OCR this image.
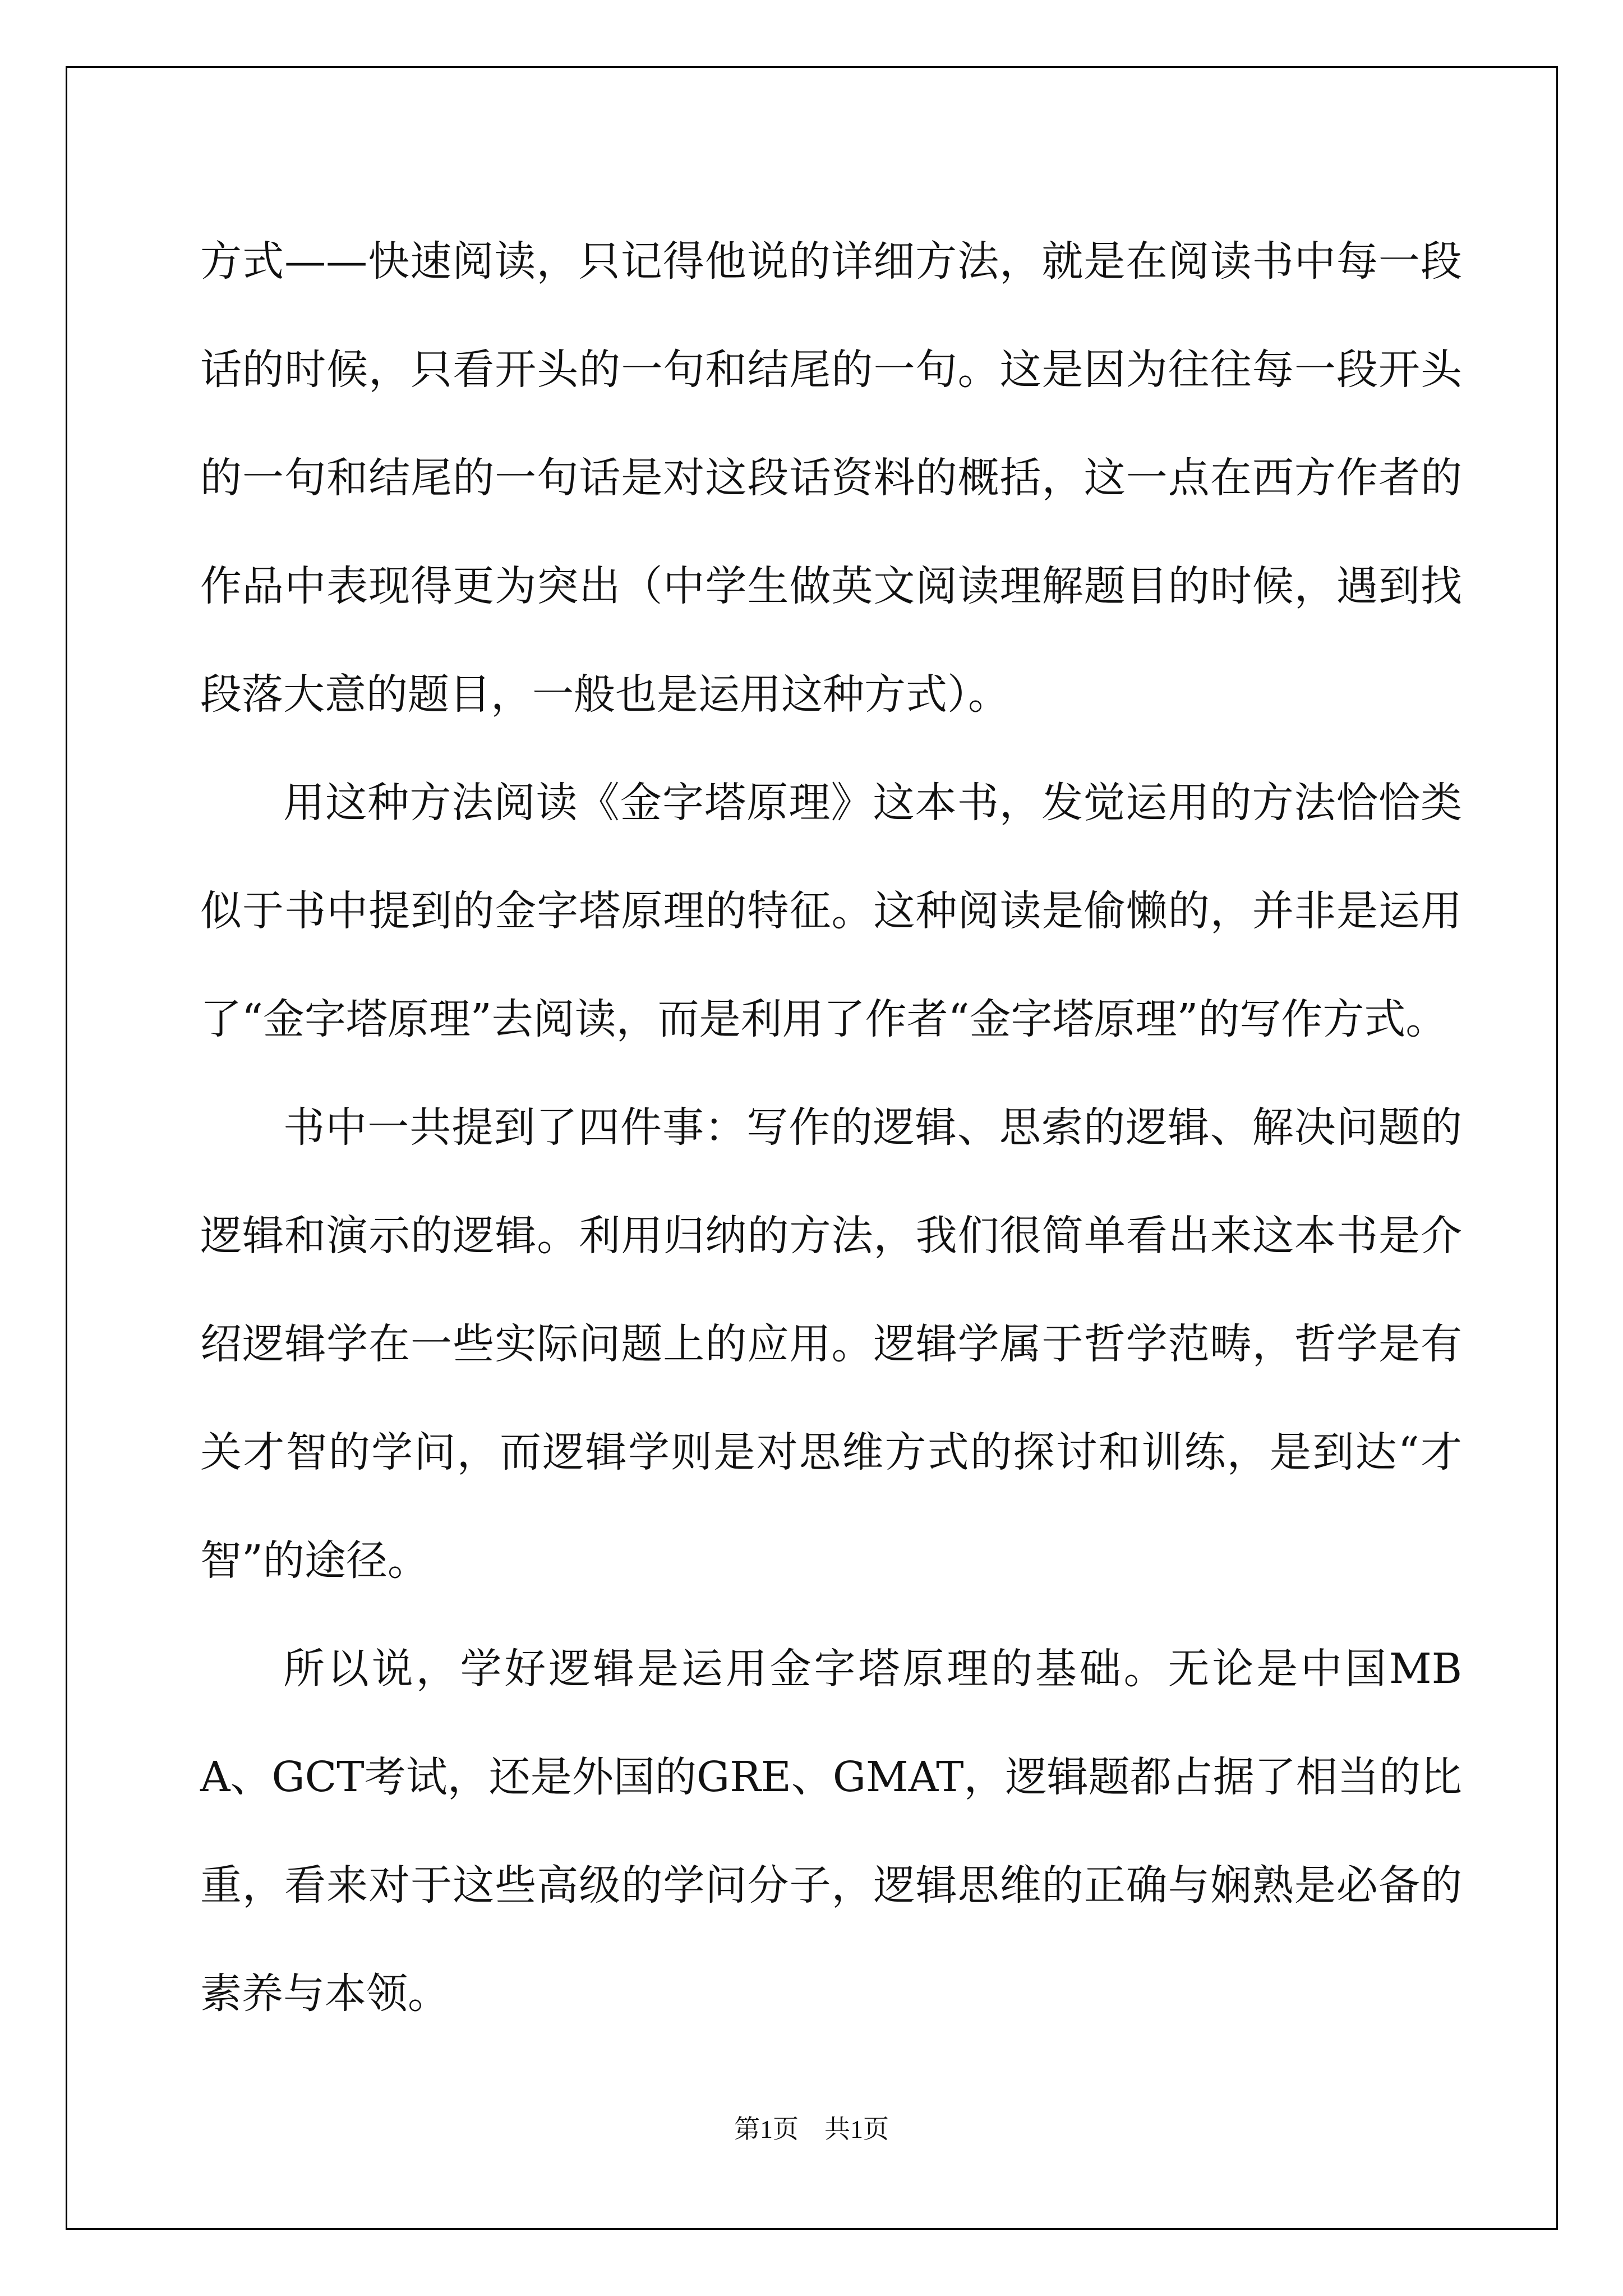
方式——快速阅读，只记得他说的详细方法，就是在阅读书中每一段话的时候，只看开头的一句和结尾的一句。这是因为往往每一段开头的一句和结尾的一句话是对这段话资料的概括，这一点在西方作者的作品中表现得更为突出（中学生做英文阅读理解题目的时候，遇到找段落大意的题目，一般也是运用这种方式）。

用这种方法阅读《金字塔原理》这本书，发觉运用的方法恰恰类似于书中提到的金字塔原理的特征。这种阅读是偷懒的，并非是运用了“金字塔原理”去阅读，而是利用了作者“金字塔原理”的写作方式。

书中一共提到了四件事：写作的逻辑、思索的逻辑、解决问题的逻辑和演示的逻辑。利用归纳的方法，我们很简单看出来这本书是介绍逻辑学在一些实际问题上的应用。逻辑学属于哲学范畴，哲学是有关才智的学问，而逻辑学则是对思维方式的探讨和训练，是到达“才智”的途径。

所以说，学好逻辑是运用金字塔原理的基础。无论是中国MBA、GCT考试，还是外国的GRE、GMAT，逻辑题都占据了相当的比重，看来对于这些高级的学问分子，逻辑思维的正确与娴熟是必备的素养与本领。

第1页　共1页
